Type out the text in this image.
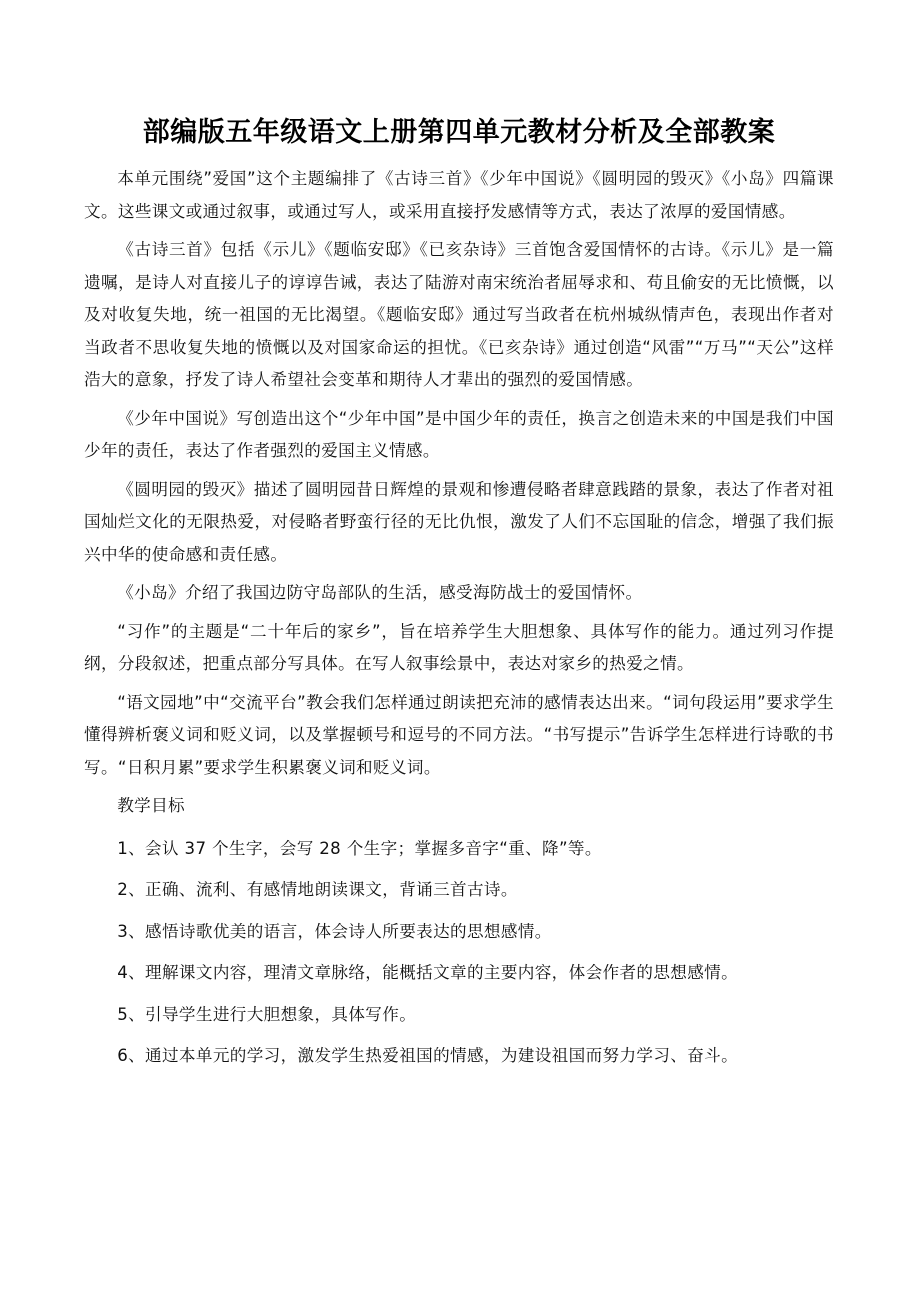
部编版五年级语文上册第四单元教材分析及全部教案

本单元围绕”爱国”这个主题编排了《古诗三首》《少年中国说》《圆明园的毁灭》《小岛》四篇课文。这些课文或通过叙事，或通过写人，或采用直接抒发感情等方式，表达了浓厚的爱国情感。

《古诗三首》包括《示儿》《题临安邸》《已亥杂诗》三首饱含爱国情怀的古诗。《示儿》是一篇遗嘱，是诗人对直接儿子的谆谆告诫，表达了陆游对南宋统治者屈辱求和、苟且偷安的无比愤慨，以及对收复失地，统一祖国的无比渴望。《题临安邸》通过写当政者在杭州城纵情声色，表现出作者对当政者不思收复失地的愤慨以及对国家命运的担忧。《已亥杂诗》通过创造“风雷”“万马”“天公”这样浩大的意象，抒发了诗人希望社会变革和期待人才辈出的强烈的爱国情感。

《少年中国说》写创造出这个“少年中国”是中国少年的责任，换言之创造未来的中国是我们中国少年的责任，表达了作者强烈的爱国主义情感。

《圆明园的毁灭》描述了圆明园昔日辉煌的景观和惨遭侵略者肆意践踏的景象，表达了作者对祖国灿烂文化的无限热爱，对侵略者野蛮行径的无比仇恨，激发了人们不忘国耻的信念，增强了我们振兴中华的使命感和责任感。

《小岛》介绍了我国边防守岛部队的生活，感受海防战士的爱国情怀。

“习作”的主题是“二十年后的家乡”，旨在培养学生大胆想象、具体写作的能力。通过列习作提纲，分段叙述，把重点部分写具体。在写人叙事绘景中，表达对家乡的热爱之情。

“语文园地”中“交流平台”教会我们怎样通过朗读把充沛的感情表达出来。“词句段运用”要求学生懂得辨析褒义词和贬义词，以及掌握顿号和逗号的不同方法。“书写提示”告诉学生怎样进行诗歌的书写。“日积月累”要求学生积累褒义词和贬义词。

教学目标

1、会认 37 个生字，会写 28 个生字；掌握多音字“重、降”等。

2、正确、流利、有感情地朗读课文，背诵三首古诗。

3、感悟诗歌优美的语言，体会诗人所要表达的思想感情。

4、理解课文内容，理清文章脉络，能概括文章的主要内容，体会作者的思想感情。

5、引导学生进行大胆想象，具体写作。

6、通过本单元的学习，激发学生热爱祖国的情感，为建设祖国而努力学习、奋斗。
